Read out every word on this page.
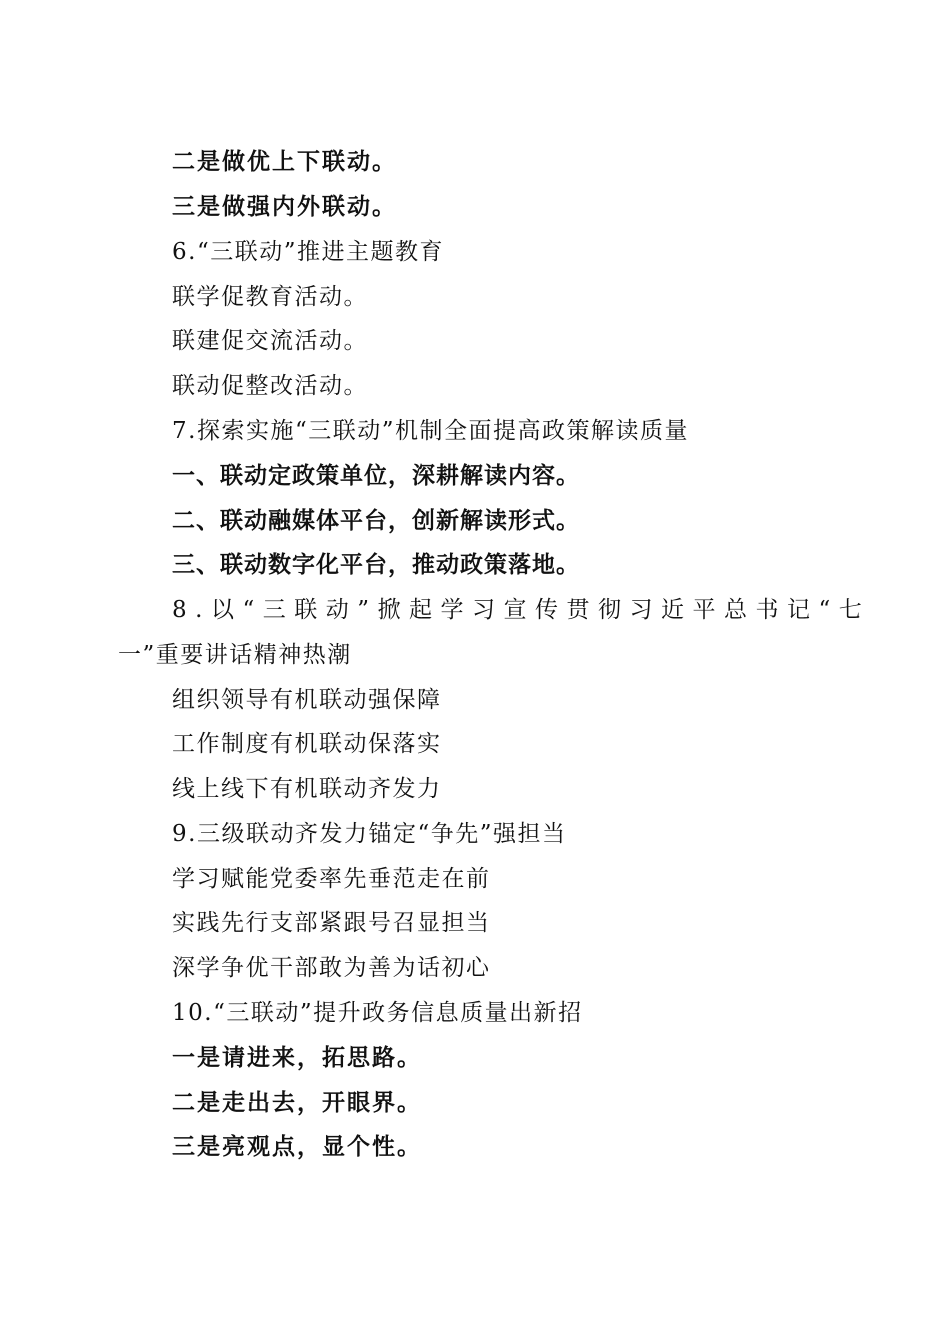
二是做优上下联动。
三是做强内外联动。
6.“三联动”推进主题教育
联学促教育活动。
联建促交流活动。
联动促整改活动。
7.探索实施“三联动”机制全面提高政策解读质量
一、联动定政策单位，深耕解读内容。
二、联动融媒体平台，创新解读形式。
三、联动数字化平台，推动政策落地。
8.以“三联动”掀起学习宣传贯彻习近平总书记“七
一”重要讲话精神热潮
组织领导有机联动强保障
工作制度有机联动保落实
线上线下有机联动齐发力
9.三级联动齐发力锚定“争先”强担当
学习赋能党委率先垂范走在前
实践先行支部紧跟号召显担当
深学争优干部敢为善为话初心
10.“三联动”提升政务信息质量出新招
一是请进来，拓思路。
二是走出去，开眼界。
三是亮观点，显个性。
